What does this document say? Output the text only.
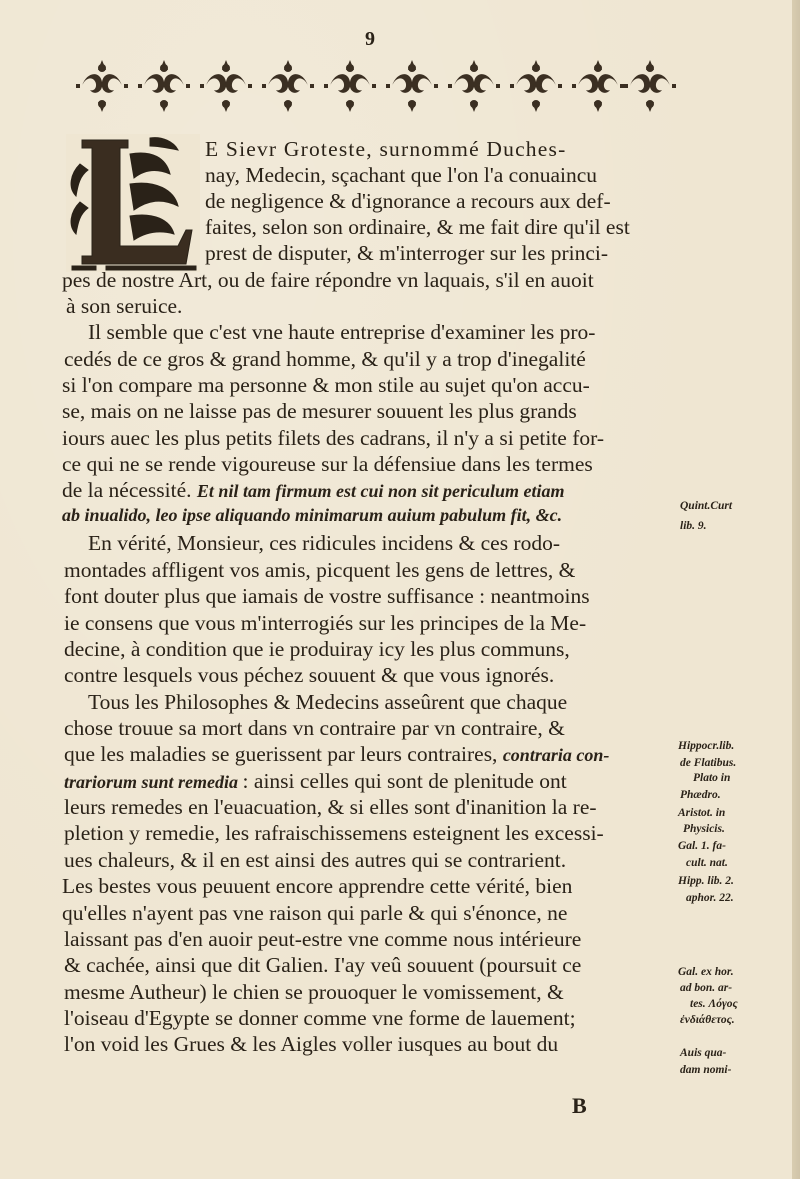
9
E Sievr Groteste, surnommé Duches-
nay, Medecin, sçachant que l'on l'a conuaincu
de negligence & d'ignorance a recours aux def-
faites, selon son ordinaire, & me fait dire qu'il est
prest de disputer, & m'interroger sur les princi-
pes de nostre Art, ou de faire répondre vn laquais, s'il en auoit
à son seruice.
Il semble que c'est vne haute entreprise d'examiner les pro-
cedés de ce gros & grand homme, & qu'il y a trop d'inegalité
si l'on compare ma personne & mon stile au sujet qu'on accu-
se, mais on ne laisse pas de mesurer souuent les plus grands
iours auec les plus petits filets des cadrans, il n'y a si petite for-
ce qui ne se rende vigoureuse sur la défensiue dans les termes
de la nécessité. Et nil tam firmum est cui non sit periculum etiam
ab inualido, leo ipse aliquando minimarum auium pabulum fit, &c.
En vérité, Monsieur, ces ridicules incidens & ces rodo-
montades affligent vos amis, picquent les gens de lettres, &
font douter plus que iamais de vostre suffisance : neantmoins
ie consens que vous m'interrogiés sur les principes de la Me-
decine, à condition que ie produiray icy les plus communs,
contre lesquels vous péchez souuent & que vous ignorés.
Tous les Philosophes & Medecins asseûrent que chaque
chose trouue sa mort dans vn contraire par vn contraire, &
que les maladies se guerissent par leurs contraires, contraria con-
trariorum sunt remedia : ainsi celles qui sont de plenitude ont
leurs remedes en l'euacuation, & si elles sont d'inanition la re-
pletion y remedie, les rafraischissemens esteignent les excessi-
ues chaleurs, & il en est ainsi des autres qui se contrarient.
Les bestes vous peuuent encore apprendre cette vérité, bien
qu'elles n'ayent pas vne raison qui parle & qui s'énonce, ne
laissant pas d'en auoir peut-estre vne comme nous intérieure
& cachée, ainsi que dit Galien. I'ay veû souuent (poursuit ce
mesme Autheur) le chien se prouoquer le vomissement, &
l'oiseau d'Egypte se donner comme vne forme de lauement;
l'on void les Grues & les Aigles voller iusques au bout du
Quint.Curt
lib. 9.
Hippocr.lib.
de Flatibus.
Plato in
Phædro.
Aristot. in
Physicis.
Gal. 1. fa-
cult. nat.
Hipp. lib. 2.
aphor. 22.
Gal. ex hor.
ad bon. ar-
tes. Λόγος
ἐνδιάθετος.
Auis qua-
dam nomi-
B
